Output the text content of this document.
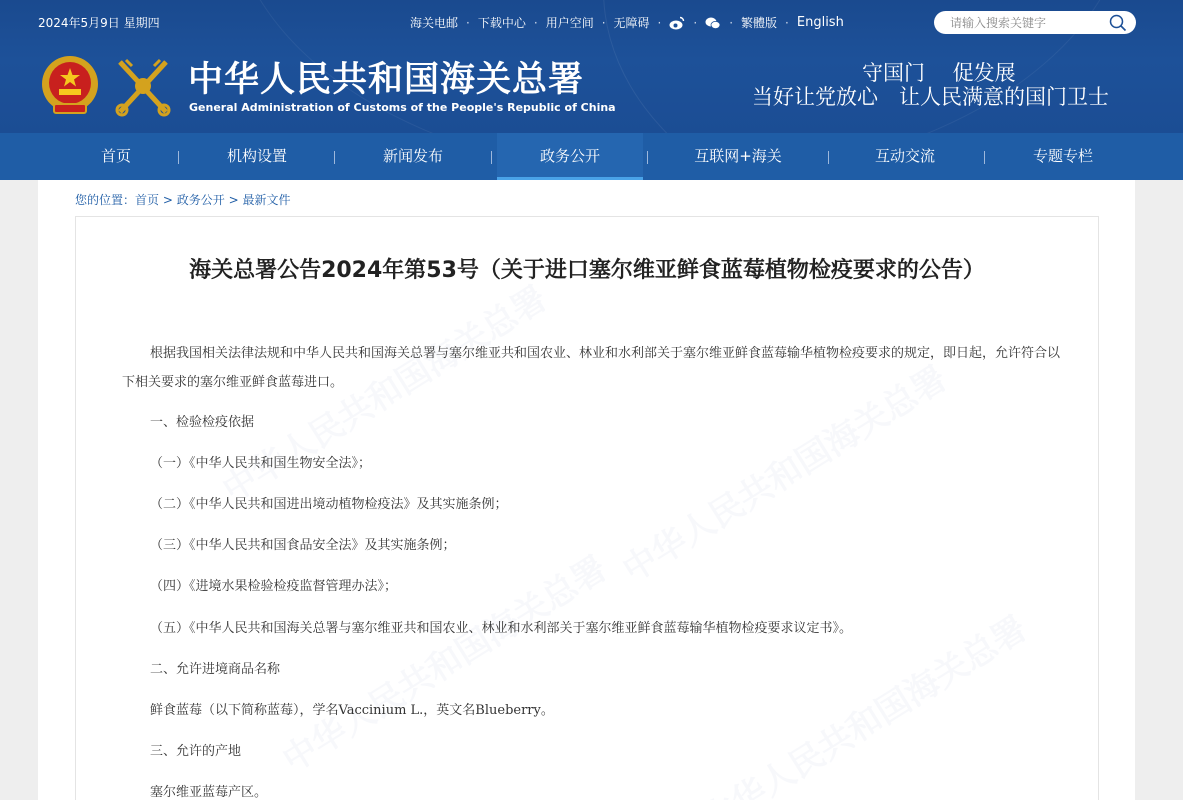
2024年5月9日 星期四	海关电邮 · 下载中心 · 用户空间 · 无障碍 ·	·	· 繁體版 · English
请输入搜索关键字
中华人民共和国海关总署
General Administration of Customs of the People's Republic of China
守国门　 促发展
当好让党放心　让人民满意的国门卫士
首页	机构设置	新闻发布	政务公开	互联网+海关	互动交流	专题专栏
您的位置：首页 > 政务公开 > 最新文件
海关总署公告2024年第53号（关于进口塞尔维亚鲜食蓝莓植物检疫要求的公告）
根据我国相关法律法规和中华人民共和国海关总署与塞尔维亚共和国农业、林业和水利部关于塞尔维亚鲜食蓝莓输华植物检疫要求的规定，即日起，允许符合以下相关要求的塞尔维亚鲜食蓝莓进口。
一、检验检疫依据
（一）《中华人民共和国生物安全法》；
（二）《中华人民共和国进出境动植物检疫法》及其实施条例；
（三）《中华人民共和国食品安全法》及其实施条例；
（四）《进境水果检验检疫监督管理办法》；
（五）《中华人民共和国海关总署与塞尔维亚共和国农业、林业和水利部关于塞尔维亚鲜食蓝莓输华植物检疫要求议定书》。
二、允许进境商品名称
鲜食蓝莓（以下简称蓝莓），学名Vaccinium L.，英文名Blueberry。
三、允许的产地
塞尔维亚蓝莓产区。
